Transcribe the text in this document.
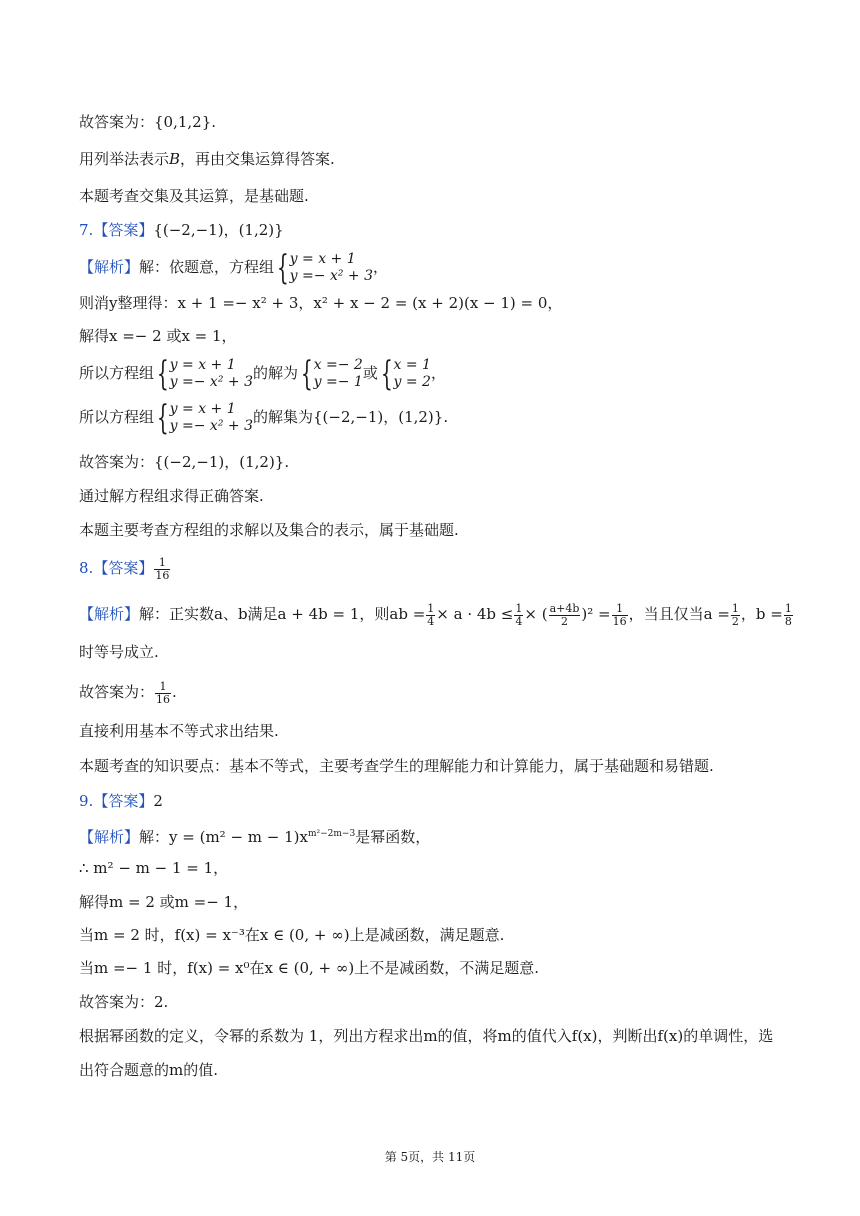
故答案为：{0,1,2}.
用列举法表示B，再由交集运算得答案.
本题考查交集及其运算，是基础题.
7.【答案】{(−2,−1)，(1,2)}
【解析】解：依题意，方程组{ y = x + 1
y =− x² + 3 ，
则消y整理得：x + 1 =− x² + 3，x² + x − 2 = (x + 2)(x − 1) = 0，
解得x =− 2 或x = 1，
所以方程组{ y = x + 1
y =− x² + 3 的解为{ x =− 2
y =− 1 或{ x = 1
y = 2 ，
所以方程组{ y = x + 1
y =− x² + 3 的解集为{(−2,−1)，(1,2)}.
故答案为：{(−2,−1)，(1,2)}.
通过解方程组求得正确答案.
本题主要考查方程组的求解以及集合的表示，属于基础题.
8.【答案】 $\frac{1}{16}$
【解析】解：正实数a、b满足a + 4b = 1，则ab = $\frac{1}{4} \times a \cdot 4b \le \frac{1}{4}$ × ( $\frac{a+4b}{2} )^2 = \frac{1}{16}$ ，当且仅当$a = \frac{1}{2}$ ，$b = \frac{1}{8}$
时等号成立.
故答案为： $\frac{1}{16}$ .
直接利用基本不等式求出结果.
本题考查的知识要点：基本不等式，主要考查学生的理解能力和计算能力，属于基础题和易错题.
9.【答案】2
【解析】解：$y = (m^2 - m - 1)x^{m^2-2m-3}$是幂函数，
∴ m² − m − 1 = 1，
解得m = 2 或m =− 1，
当m = 2 时，f(x) = x⁻³在x ∈ (0, + ∞)上是减函数，满足题意.
当m =− 1 时，f(x) = x⁰在x ∈ (0, + ∞)上不是减函数，不满足题意.
故答案为：2.
根据幂函数的定义，令幂的系数为 1，列出方程求出m的值，将m的值代入f(x)，判断出f(x)的单调性，选
出符合题意的m的值.
第 5页，共 11页
